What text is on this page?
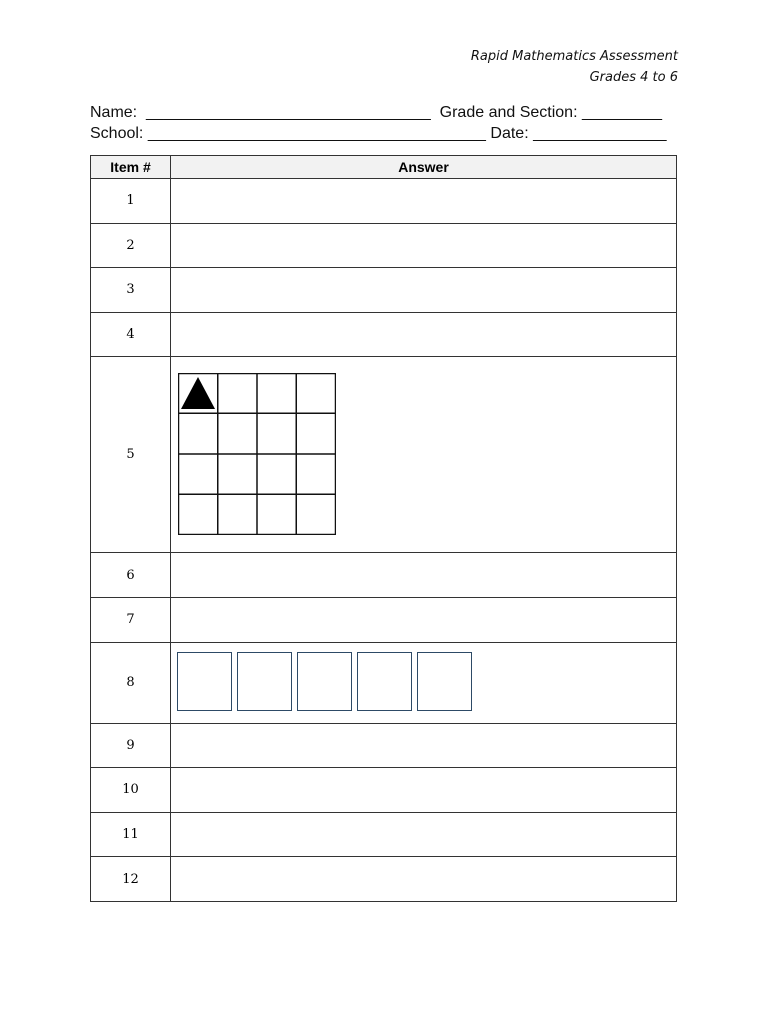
Rapid Mathematics Assessment
Grades 4 to 6
Name:  ________________________________  Grade and Section: _________
School: ______________________________________ Date: _______________
Item #	Answer
1	
2	
3	
4	
5	

6	
7	
8	

9	
10	
11	
12	
